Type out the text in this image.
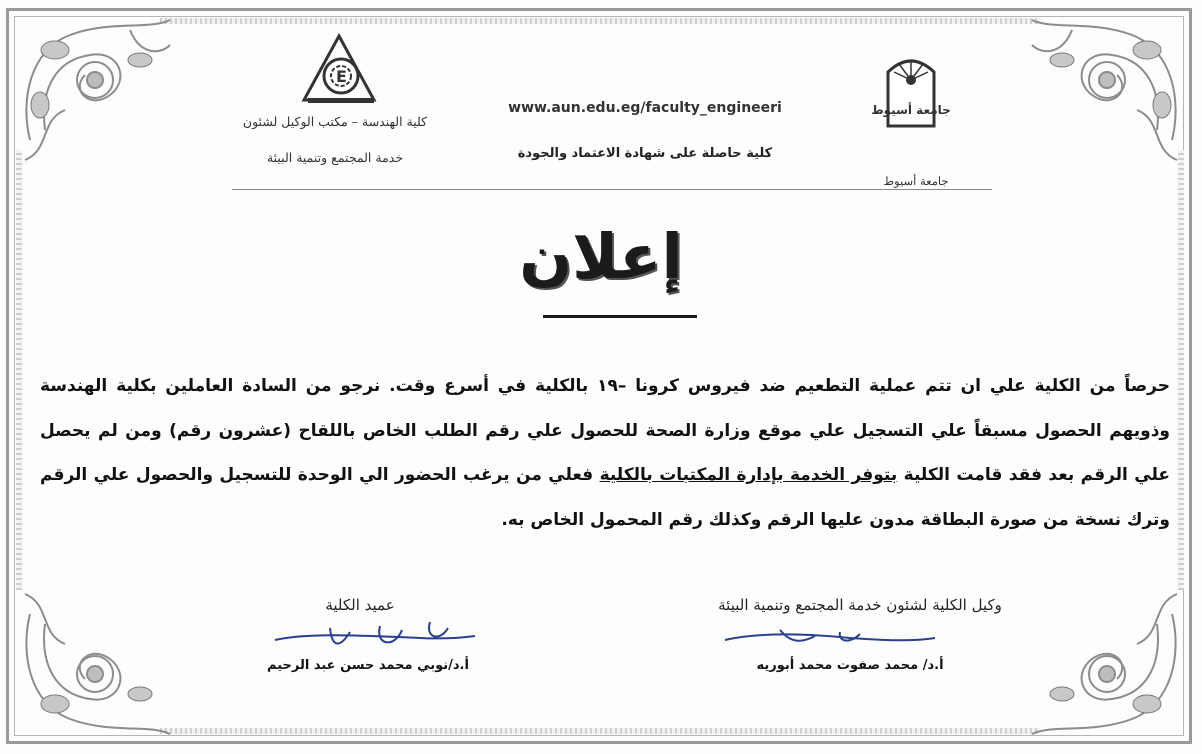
E
جامعة أسيوط
كلية الهندسة – مكتب الوكيل لشئون
خدمة المجتمع وتنمية البيئة
www.aun.edu.eg/faculty_engineeri
كلية حاصلة على شهادة الاعتماد والجودة
جامعة أسيوط
إعلان
حرصاً من الكلية علي ان تتم عملية التطعيم ضد فيروس كرونا –١٩ بالكلية في أسرع وقت. نرجو من السادة العاملين بكلية الهندسة وذويهم الحصول مسبقاً علي التسجيل علي موقع وزارة الصحة للحصول علي رقم الطلب الخاص باللقاح (عشرون رقم) ومن لم يحصل علي الرقم بعد فقد قامت الكلية بتوفر الخدمة بإدارة المكتبات بالكلية فعلي من يرغب الحضور الي الوحدة للتسجيل والحصول علي الرقم وترك نسخة من صورة البطاقة مدون عليها الرقم وكذلك رقم المحمول الخاص به.
وكيل الكلية لشئون خدمة المجتمع وتنمية البيئة
أ.د/ محمد صفوت محمد أبوريه
عميد الكلية
أ.د/نوبي محمد حسن عبد الرحيم
